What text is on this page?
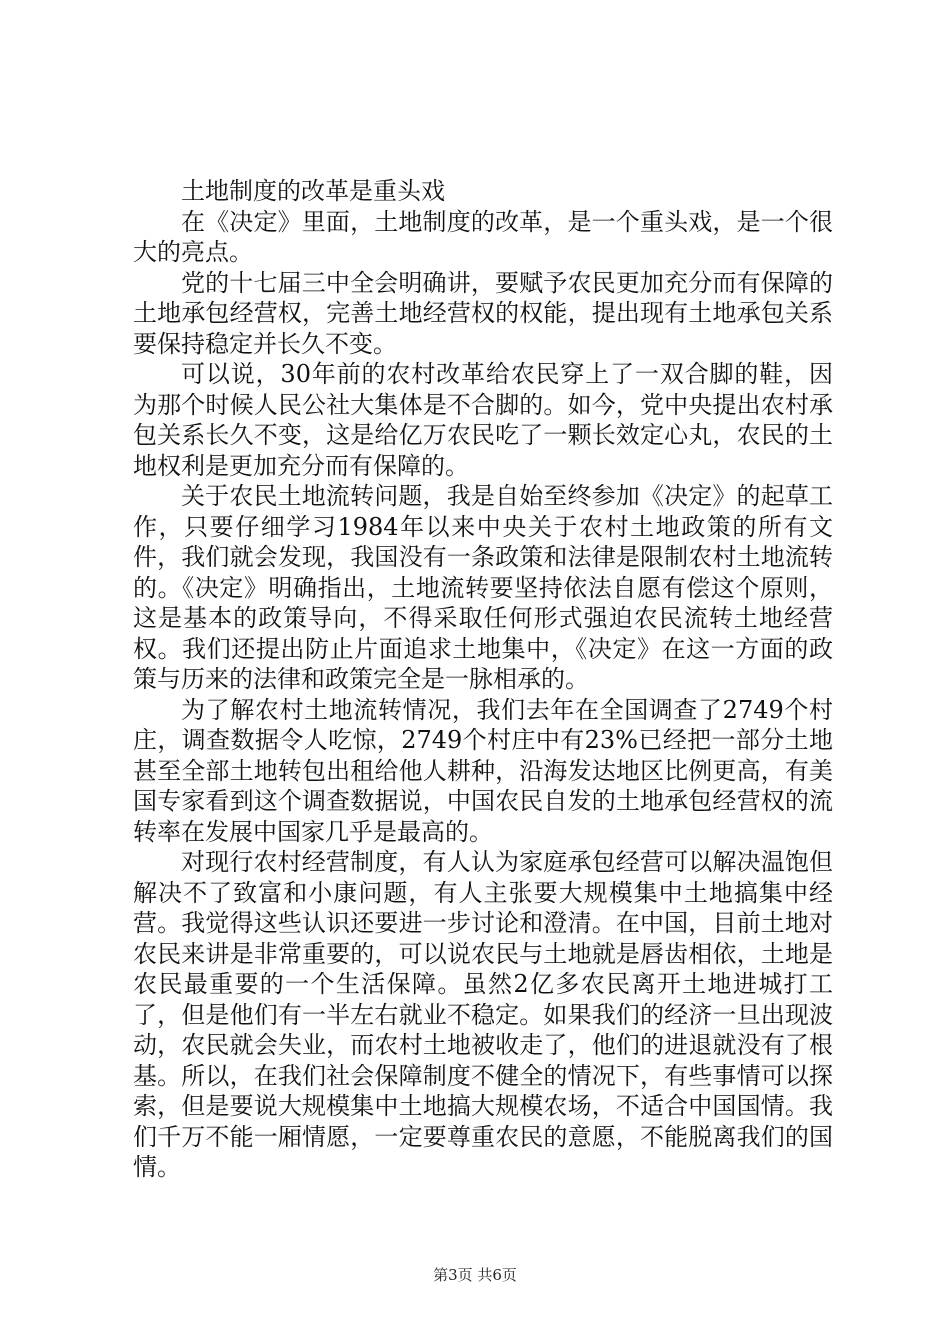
土地制度的改革是重头戏

在《决定》里面，土地制度的改革，是一个重头戏，是一个很大的亮点。

党的十七届三中全会明确讲，要赋予农民更加充分而有保障的土地承包经营权，完善土地经营权的权能，提出现有土地承包关系要保持稳定并长久不变。

可以说，30年前的农村改革给农民穿上了一双合脚的鞋，因为那个时候人民公社大集体是不合脚的。如今，党中央提出农村承包关系长久不变，这是给亿万农民吃了一颗长效定心丸，农民的土地权利是更加充分而有保障的。

关于农民土地流转问题，我是自始至终参加《决定》的起草工作，只要仔细学习1984年以来中央关于农村土地政策的所有文件，我们就会发现，我国没有一条政策和法律是限制农村土地流转的。《决定》明确指出，土地流转要坚持依法自愿有偿这个原则，这是基本的政策导向，不得采取任何形式强迫农民流转土地经营权。我们还提出防止片面追求土地集中，《决定》在这一方面的政策与历来的法律和政策完全是一脉相承的。

为了解农村土地流转情况，我们去年在全国调查了2749个村庄，调查数据令人吃惊，2749个村庄中有23%已经把一部分土地甚至全部土地转包出租给他人耕种，沿海发达地区比例更高，有美国专家看到这个调查数据说，中国农民自发的土地承包经营权的流转率在发展中国家几乎是最高的。

对现行农村经营制度，有人认为家庭承包经营可以解决温饱但解决不了致富和小康问题，有人主张要大规模集中土地搞集中经营。我觉得这些认识还要进一步讨论和澄清。在中国，目前土地对农民来讲是非常重要的，可以说农民与土地就是唇齿相依，土地是农民最重要的一个生活保障。虽然2亿多农民离开土地进城打工了，但是他们有一半左右就业不稳定。如果我们的经济一旦出现波动，农民就会失业，而农村土地被收走了，他们的进退就没有了根基。所以，在我们社会保障制度不健全的情况下，有些事情可以探索，但是要说大规模集中土地搞大规模农场，不适合中国国情。我们千万不能一厢情愿，一定要尊重农民的意愿，不能脱离我们的国情。

第3页 共6页
